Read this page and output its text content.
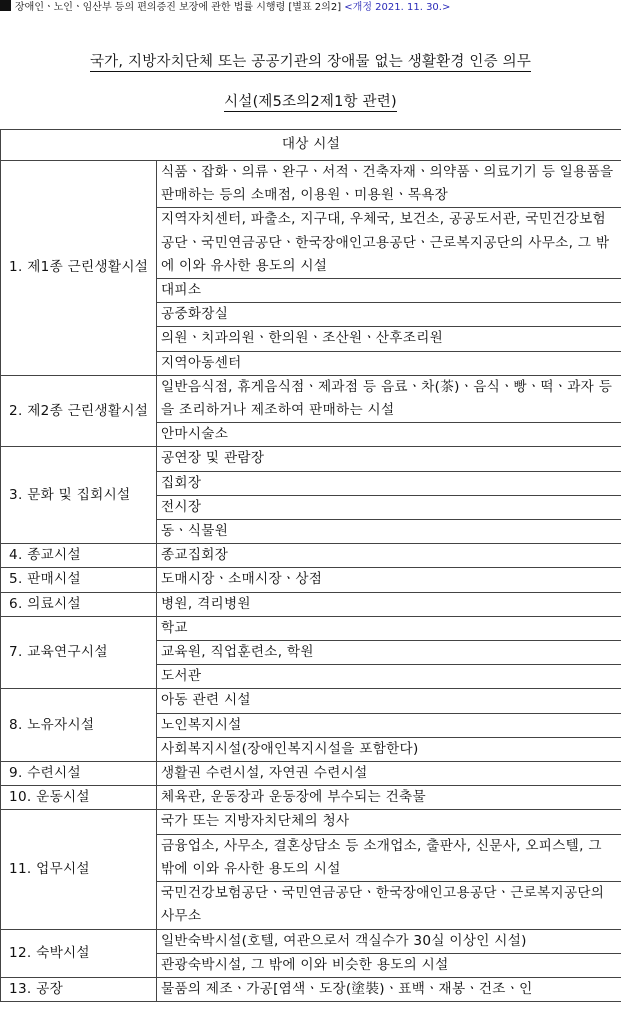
장애인ㆍ노인ㆍ임산부 등의 편의증진 보장에 관한 법률 시행령 [별표 2의2] <개정 2021. 11. 30.>
국가, 지방자치단체 또는 공공기관의 장애물 없는 생활환경 인증 의무
시설(제5조의2제1항 관련)
대상 시설	
1. 제1종 근린생활시설	식품ㆍ잡화ㆍ의류ㆍ완구ㆍ서적ㆍ건축자재ㆍ의약품ㆍ의료기기 등 일용품을 판매하는 등의 소매점, 이용원ㆍ미용원ㆍ목욕장
	지역자치센터, 파출소, 지구대, 우체국, 보건소, 공공도서관, 국민건강보험공단ㆍ국민연금공단ㆍ한국장애인고용공단ㆍ근로복지공단의 사무소, 그 밖에 이와 유사한 용도의 시설
	대피소
	공중화장실
	의원ㆍ치과의원ㆍ한의원ㆍ조산원ㆍ산후조리원
	지역아동센터
2. 제2종 근린생활시설	일반음식점, 휴게음식점ㆍ제과점 등 음료ㆍ차(茶)ㆍ음식ㆍ빵ㆍ떡ㆍ과자 등을 조리하거나 제조하여 판매하는 시설
	안마시술소
3. 문화 및 집회시설	공연장 및 관람장
	집회장
	전시장
	동ㆍ식물원
4. 종교시설	종교집회장
5. 판매시설	도매시장ㆍ소매시장ㆍ상점
6. 의료시설	병원, 격리병원
7. 교육연구시설	학교
	교육원, 직업훈련소, 학원
	도서관
8. 노유자시설	아동 관련 시설
	노인복지시설
	사회복지시설(장애인복지시설을 포함한다)
9. 수련시설	생활권 수련시설, 자연권 수련시설
10. 운동시설	체육관, 운동장과 운동장에 부수되는 건축물
11. 업무시설	국가 또는 지방자치단체의 청사
	금융업소, 사무소, 결혼상담소 등 소개업소, 출판사, 신문사, 오피스텔, 그 밖에 이와 유사한 용도의 시설
	국민건강보험공단ㆍ국민연금공단ㆍ한국장애인고용공단ㆍ근로복지공단의 사무소
12. 숙박시설	일반숙박시설(호텔, 여관으로서 객실수가 30실 이상인 시설)
	관광숙박시설, 그 밖에 이와 비슷한 용도의 시설
13. 공장	물품의 제조ㆍ가공[염색ㆍ도장(塗裝)ㆍ표백ㆍ재봉ㆍ건조ㆍ인
